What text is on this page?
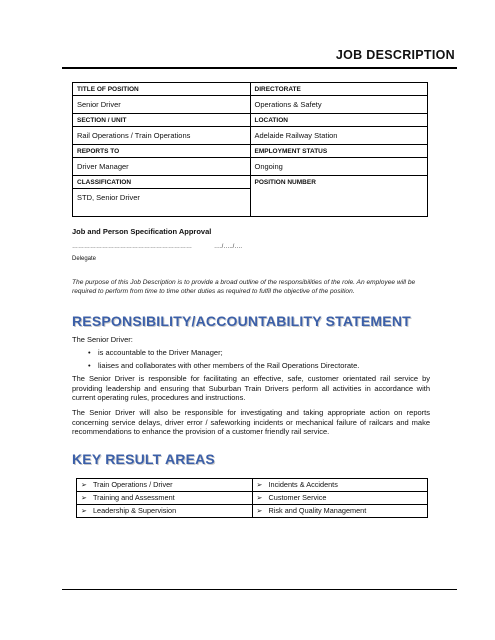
JOB DESCRIPTION
TITLE OF POSITION	DIRECTORATE
Senior Driver	Operations & Safety
SECTION / UNIT	LOCATION
Rail Operations / Train Operations	Adelaide Railway Station
REPORTS TO	EMPLOYMENT STATUS
Driver Manager	Ongoing
CLASSIFICATION	POSITION NUMBER
STD, Senior Driver	
Job and Person Specification Approval
……………………………………………………	…./…../….
Delegate
The purpose of this Job Description is to provide a broad outline of the responsibilities of the role. An employee will be required to perform from time to time other duties as required to fulfil the objective of the position.
RESPONSIBILITY/ACCOUNTABILITY STATEMENT
The Senior Driver:
• is accountable to the Driver Manager;
• liaises and collaborates with other members of the Rail Operations Directorate.
The Senior Driver is responsible for facilitating an effective, safe, customer orientated rail service by providing leadership and ensuring that Suburban Train Drivers perform all activities in accordance with current operating rules, procedures and instructions.
The Senior Driver will also be responsible for investigating and taking appropriate action on reports concerning service delays, driver error / safeworking incidents or mechanical failure of railcars and make recommendations to enhance the provision of a customer friendly rail service.
KEY RESULT AREAS
➢ Train Operations / Driver	➢ Incidents & Accidents
➢ Training and Assessment	➢ Customer Service
➢ Leadership & Supervision	➢ Risk and Quality Management
